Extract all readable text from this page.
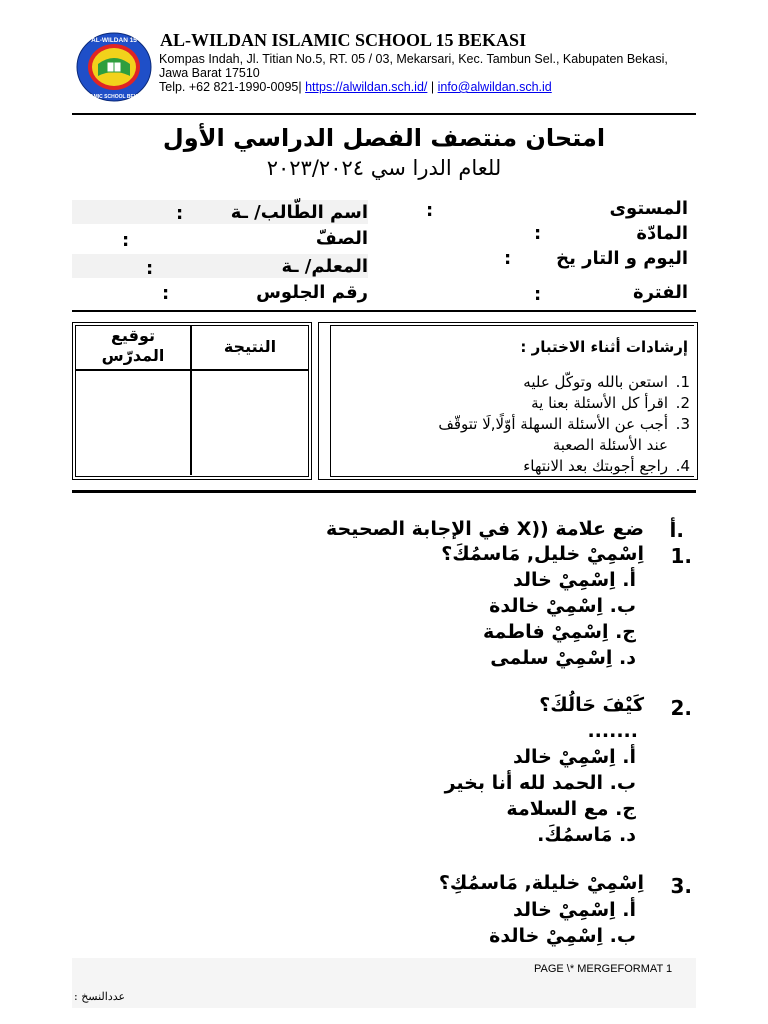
AL-WILDAN 15
ISLAMIC SCHOOL BEKASI
AL-WILDAN ISLAMIC SCHOOL 15 BEKASI
Kompas Indah, Jl. Titian No.5, RT. 05 / 03, Mekarsari, Kec. Tambun Sel., Kabupaten Bekasi, Jawa Barat 17510
Telp. +62 821-1990-0095| https://alwildan.sch.id/ | info@alwildan.sch.id
امتحان منتصف الفصل الدراسي الأول
للعام الدرا سي ٢٠٢٣/٢٠٢٤
المستوى
:
المادّة
:
اليوم و التار يخ
:
الفترة
:
اسم الطّالب/ ـة
:
الصفّ
:
المعلم/ ـة
:
رقم الجلوس
:
توقيع المدرّس	النتيجة	إرشادات أثناء الاختبار :
1.استعن بالله وتوكّل عليه
2.اقرأ كل الأسئلة بعنا ية
3.أجب عن الأسئلة السهلة أوّلًا,لَا تتوقّف
عند الأسئلة الصعبة
4.راجع أجوبتك بعد الانتهاء
أ.
ضع علامة ((X في الإجابة الصحيحة
1.
اِسْمِيْ خليل, مَاسمُكَ؟
أ. اِسْمِيْ خالد
ب. اِسْمِيْ خالدة
ج. اِسْمِيْ فاطمة
د. اِسْمِيْ سلمى
2.
كَيْفَ حَالُكَ؟
.......
أ. اِسْمِيْ خالد
ب. الحمد لله أنا بخير
ج. مع السلامة
د. مَاسمُكَ.
3.
اِسْمِيْ خليلة, مَاسمُكِ؟
أ. اِسْمِيْ خالد
ب. اِسْمِيْ خالدة
PAGE \* MERGEFORMAT 1
عددالنسخ :
